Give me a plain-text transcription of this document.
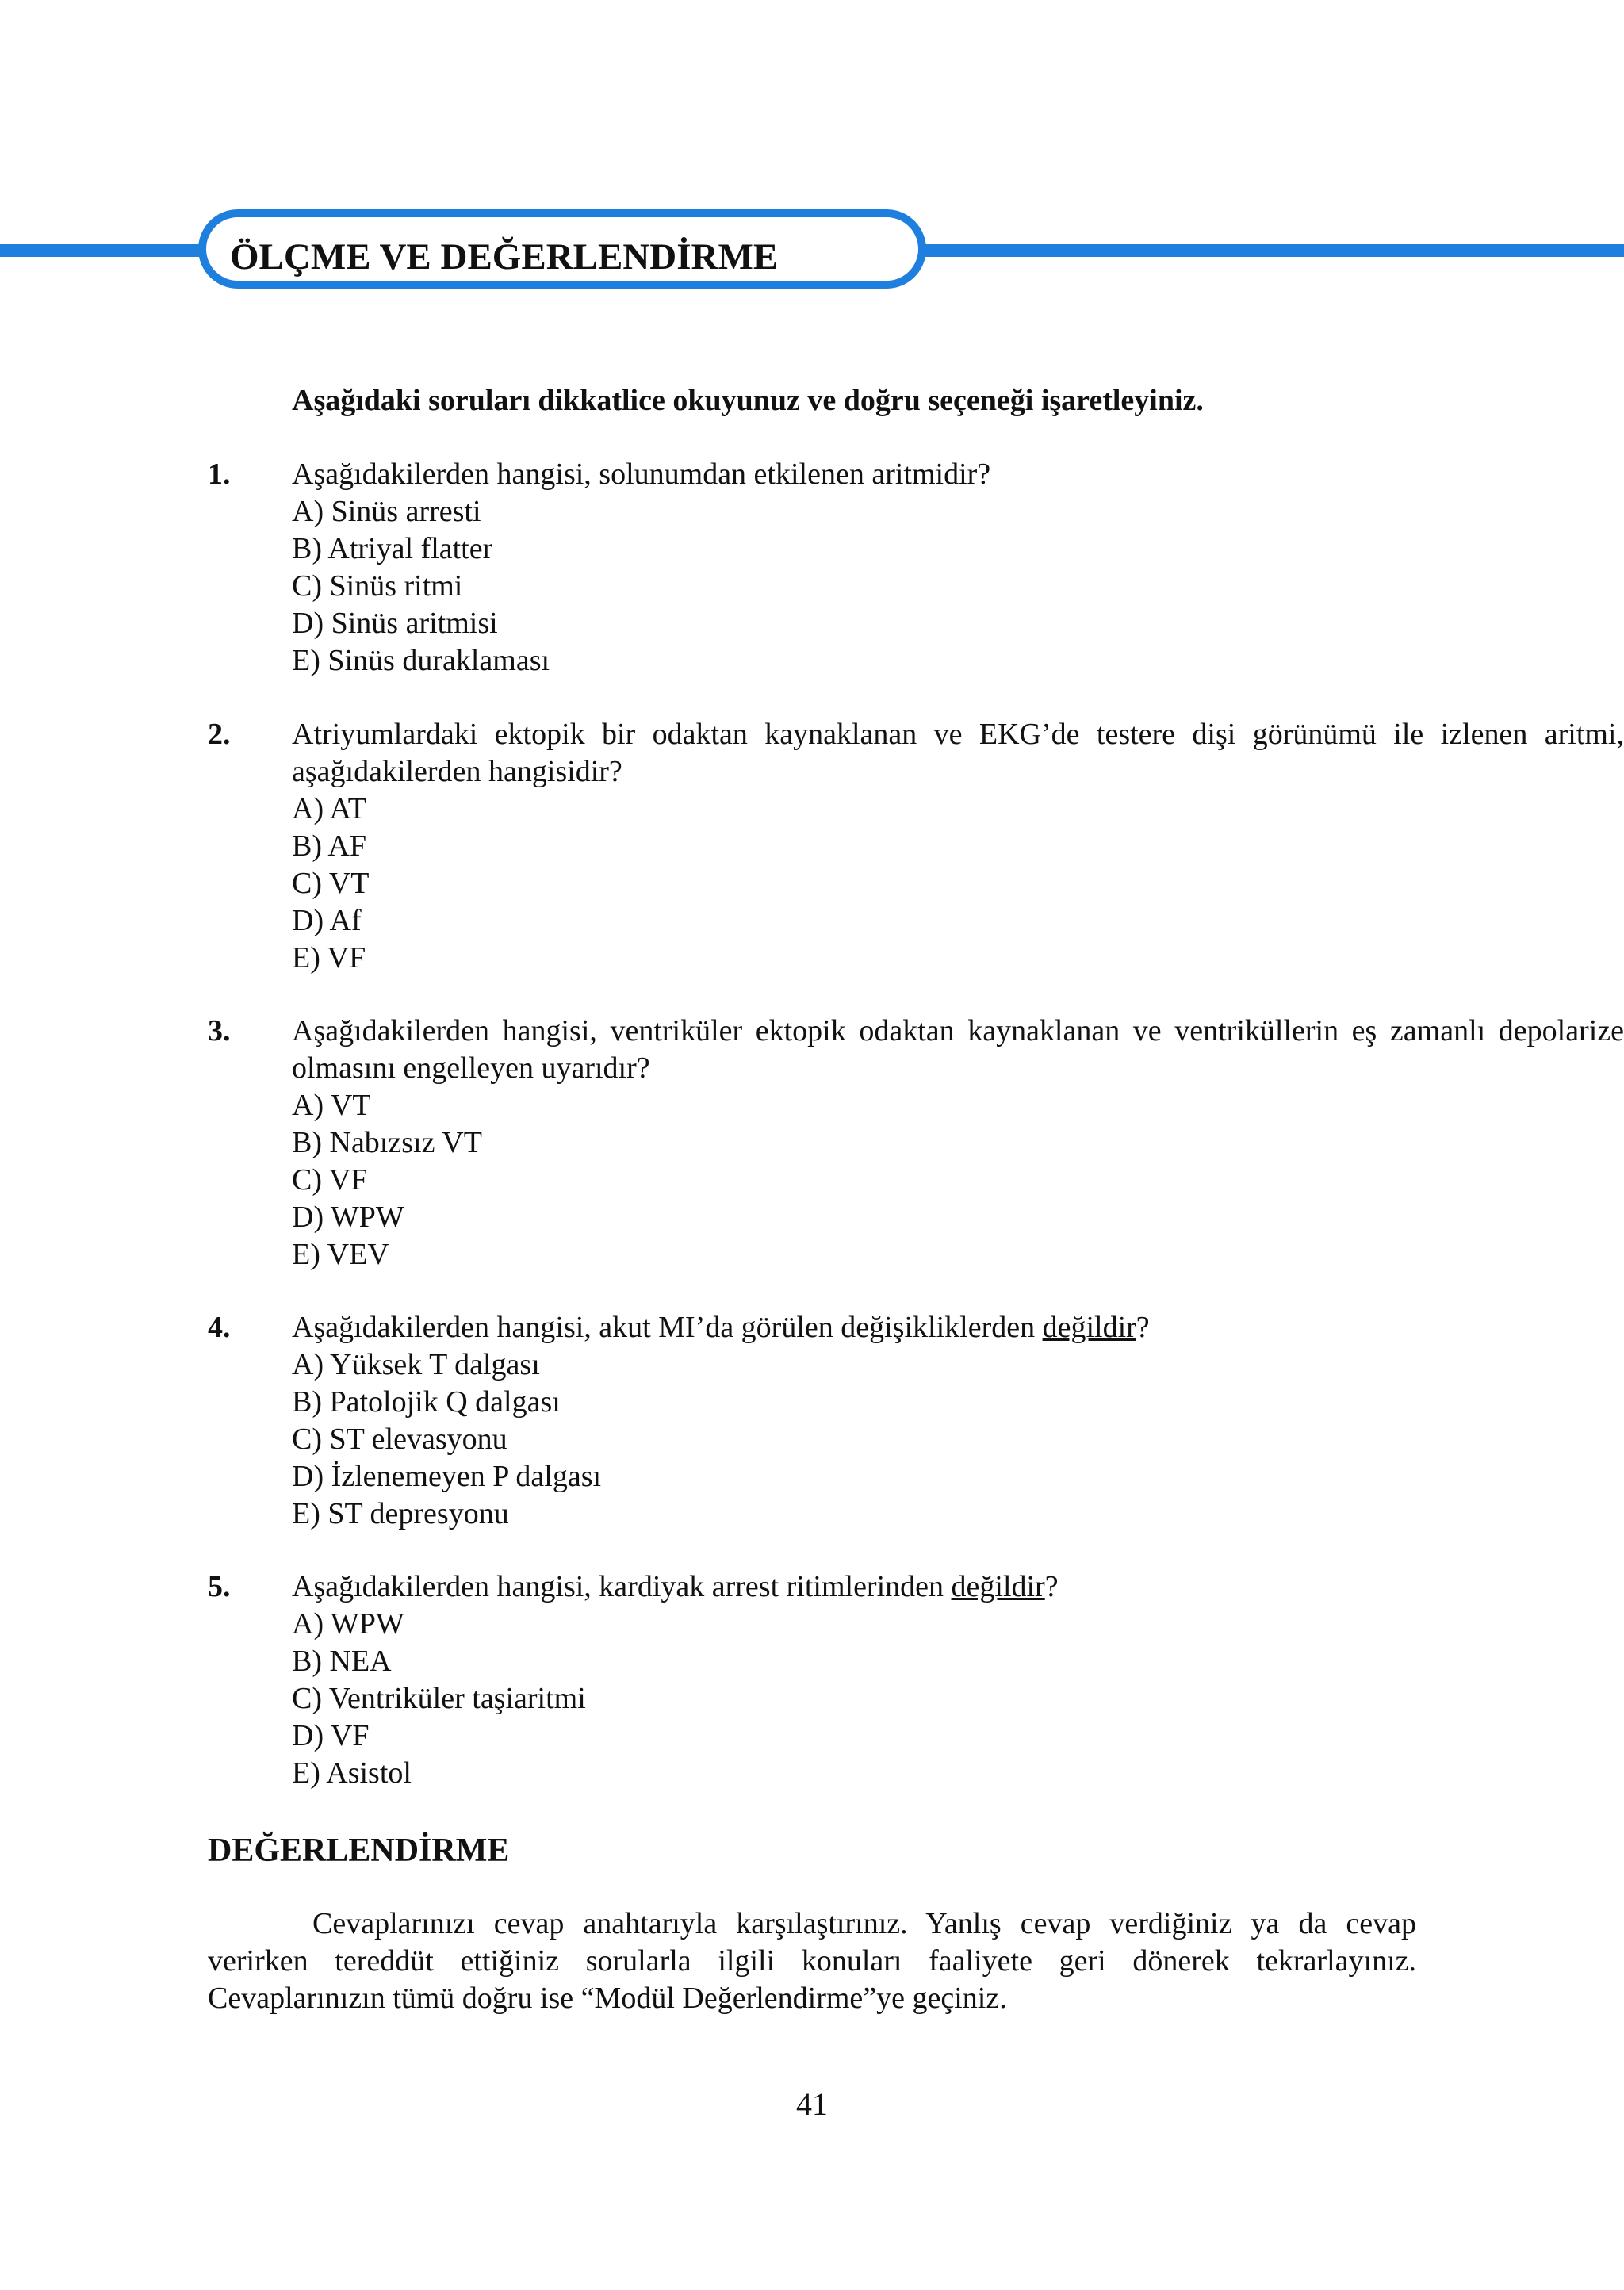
ÖLÇME VE DEĞERLENDİRME
Aşağıdaki soruları dikkatlice okuyunuz ve doğru seçeneği işaretleyiniz.
1. Aşağıdakilerden hangisi, solunumdan etkilenen aritmidir?

A) Sinüs arresti

B) Atriyal flatter

C) Sinüs ritmi

D) Sinüs aritmisi

E) Sinüs duraklaması

2. Atriyumlardaki ektopik bir odaktan kaynaklanan ve EKG’de testere dişi görünümü ile izlenen aritmi, aşağıdakilerden hangisidir?

A) AT

B) AF

C) VT

D) Af

E) VF

3. Aşağıdakilerden hangisi, ventriküler ektopik odaktan kaynaklanan ve ventriküllerin eş zamanlı depolarize olmasını engelleyen uyarıdır?

A) VT

B) Nabızsız VT

C) VF

D) WPW

E) VEV

4. Aşağıdakilerden hangisi, akut MI’da görülen değişikliklerden değildir?

A) Yüksek T dalgası

B) Patolojik Q dalgası

C) ST elevasyonu

D) İzlenemeyen P dalgası

E) ST depresyonu

5. Aşağıdakilerden hangisi, kardiyak arrest ritimlerinden değildir?

A) WPW

B) NEA

C) Ventriküler taşiaritmi

D) VF

E) Asistol

DEĞERLENDİRME

Cevaplarınızı cevap anahtarıyla karşılaştırınız. Yanlış cevap verdiğiniz ya da cevap verirken tereddüt ettiğiniz sorularla ilgili konuları faaliyete geri dönerek tekrarlayınız. Cevaplarınızın tümü doğru ise “Modül Değerlendirme”ye geçiniz.

41
